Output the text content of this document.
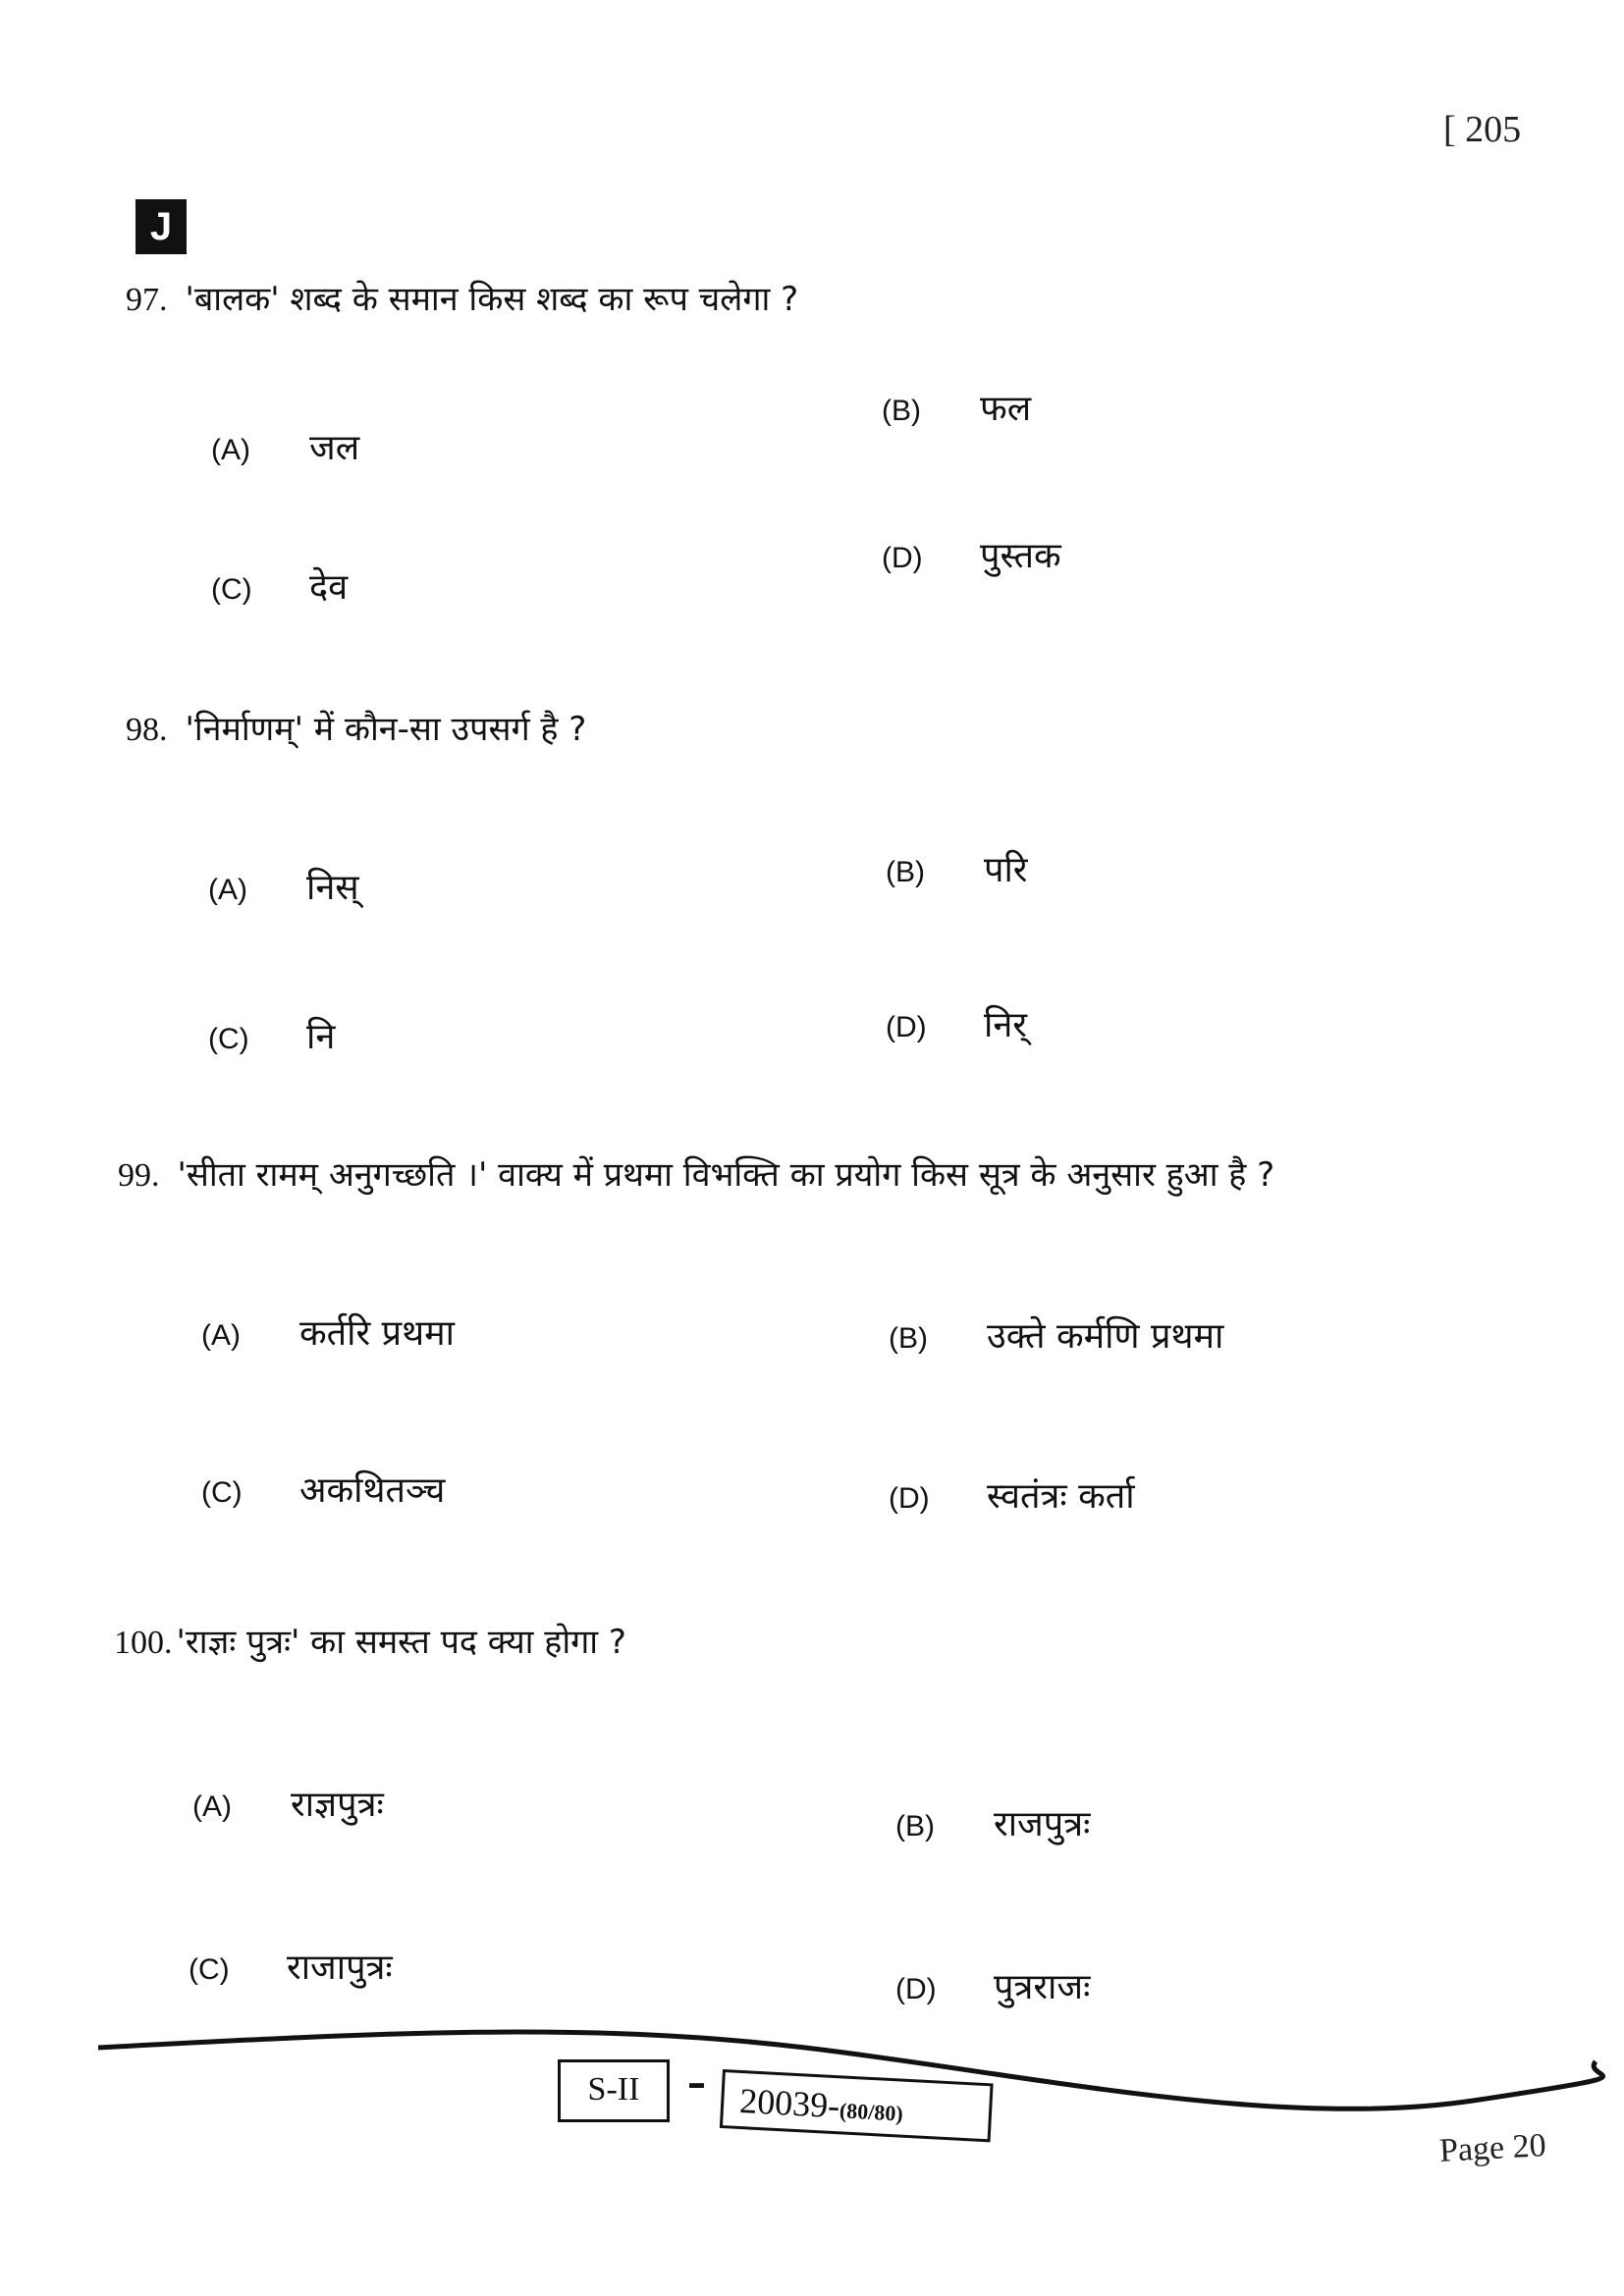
[ 205
J
97. 'बालक' शब्द के समान किस शब्द का रूप चलेगा ?
(A) जल
(B) फल
(C) देव
(D) पुस्तक
98. 'निर्माणम्' में कौन-सा उपसर्ग है ?
(A) निस्	(B) परि
(C) नि	(D) निर्
99. 'सीता रामम् अनुगच्छति ।' वाक्य में प्रथमा विभक्ति का प्रयोग किस सूत्र के अनुसार हुआ है ?
(A) कर्तरि प्रथमा	(B) उक्ते कर्मणि प्रथमा
(C) अकथितञ्च	(D) स्वतंत्रः कर्ता
100. 'राज्ञः पुत्रः' का समस्त पद क्या होगा ?
(A) राज्ञपुत्रः
(B) राजपुत्रः
(C) राजापुत्रः
(D) पुत्रराजः
S-II	– 20039-(80/80)
Page 20
